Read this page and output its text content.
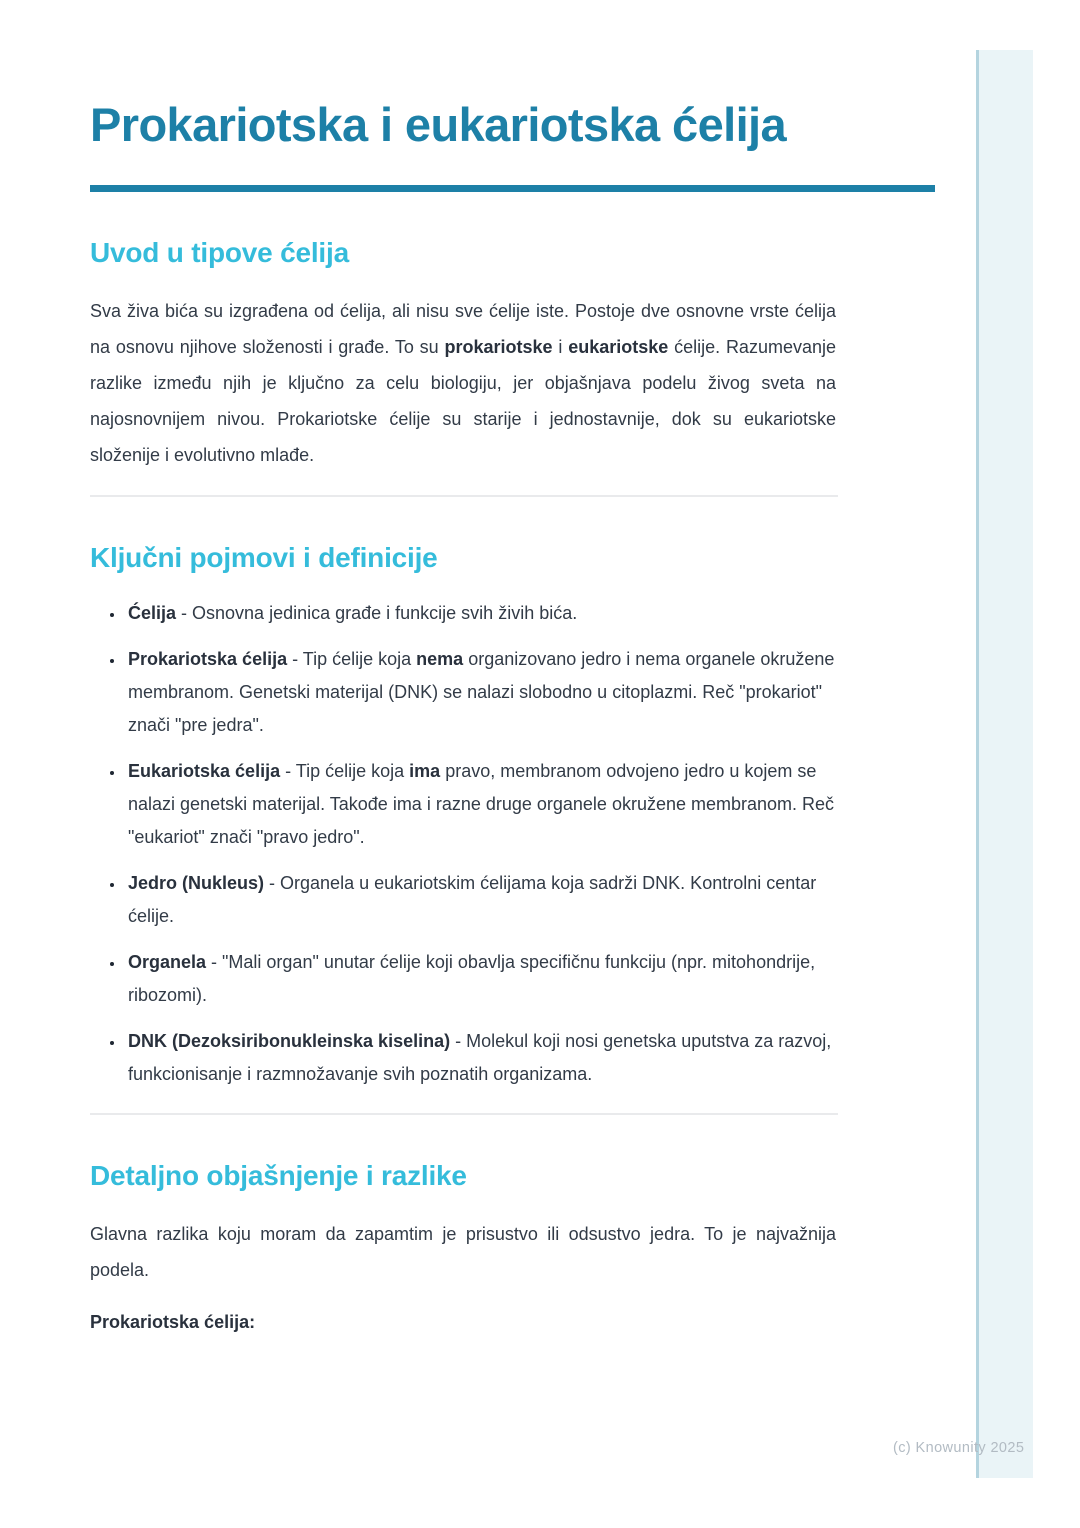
Prokariotska i eukariotska ćelija
Uvod u tipove ćelija

Sva živa bića su izgrađena od ćelija, ali nisu sve ćelije iste. Postoje dve osnovne vrste ćelija na osnovu njihove složenosti i građe. To su prokariotske i eukariotske ćelije. Razumevanje razlike između njih je ključno za celu biologiju, jer objašnjava podelu živog sveta na najosnovnijem nivou. Prokariotske ćelije su starije i jednostavnije, dok su eukariotske složenije i evolutivno mlađe.

Ključni pojmovi i definicije
• Ćelija - Osnovna jedinica građe i funkcije svih živih bića.
• Prokariotska ćelija - Tip ćelije koja nema organizovano jedro i nema organele okružene membranom. Genetski materijal (DNK) se nalazi slobodno u citoplazmi. Reč "prokariot" znači "pre jedra".
• Eukariotska ćelija - Tip ćelije koja ima pravo, membranom odvojeno jedro u kojem se nalazi genetski materijal. Takođe ima i razne druge organele okružene membranom. Reč "eukariot" znači "pravo jedro".
• Jedro (Nukleus) - Organela u eukariotskim ćelijama koja sadrži DNK. Kontrolni centar ćelije.
• Organela - "Mali organ" unutar ćelije koji obavlja specifičnu funkciju (npr. mitohondrije, ribozomi).
• DNK (Dezoksiribonukleinska kiselina) - Molekul koji nosi genetska uputstva za razvoj, funkcionisanje i razmnožavanje svih poznatih organizama.
Detaljno objašnjenje i razlike

Glavna razlika koju moram da zapamtim je prisustvo ili odsustvo jedra. To je najvažnija podela.

Prokariotska ćelija:

(c) Knowunity 2025
